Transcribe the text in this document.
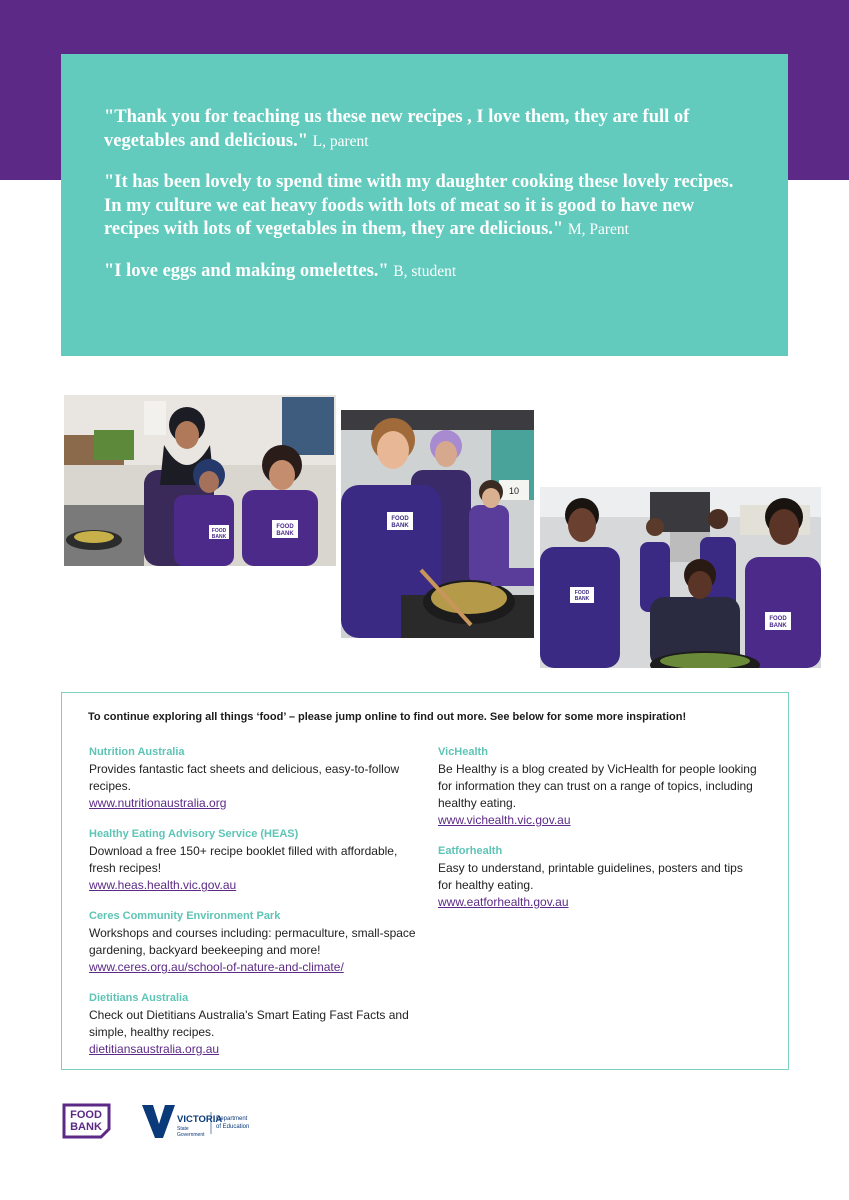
"Thank you for teaching us these new recipes , I love them, they are full of vegetables and delicious." L, parent

"It has been lovely to spend time with my daughter cooking these lovely recipes. In my culture we eat heavy foods with lots of meat so it is good to have new recipes with lots of vegetables in them, they are delicious." M, Parent

"I love eggs and making omelettes." B, student

FOOD
BANK
FOOD
BANK
10
FOOD
BANK
FOOD
BANK
FOOD
BANK

To continue exploring all things ‘food’ – please jump online to find out more. See below for some more inspiration!

Nutrition Australia
Provides fantastic fact sheets and delicious, easy-to-follow recipes.
www.nutritionaustralia.org
Healthy Eating Advisory Service (HEAS)
Download a free 150+ recipe booklet filled with affordable, fresh recipes!
www.heas.health.vic.gov.au
Ceres Community Environment Park
Workshops and courses including: permaculture, small-space gardening, backyard beekeeping and more!
www.ceres.org.au/school-of-nature-and-climate/
Dietitians Australia
Check out Dietitians Australia's Smart Eating Fast Facts and simple, healthy recipes.
dietitiansaustralia.org.au
VicHealth
Be Healthy is a blog created by VicHealth for people looking for information they can trust on a range of topics, including healthy eating.
www.vichealth.vic.gov.au
Eatforhealth
Easy to understand, printable guidelines, posters and tips for healthy eating.
www.eatforhealth.gov.au
FOOD
BANK
VICTORIA
State
Government
Department
of Education
